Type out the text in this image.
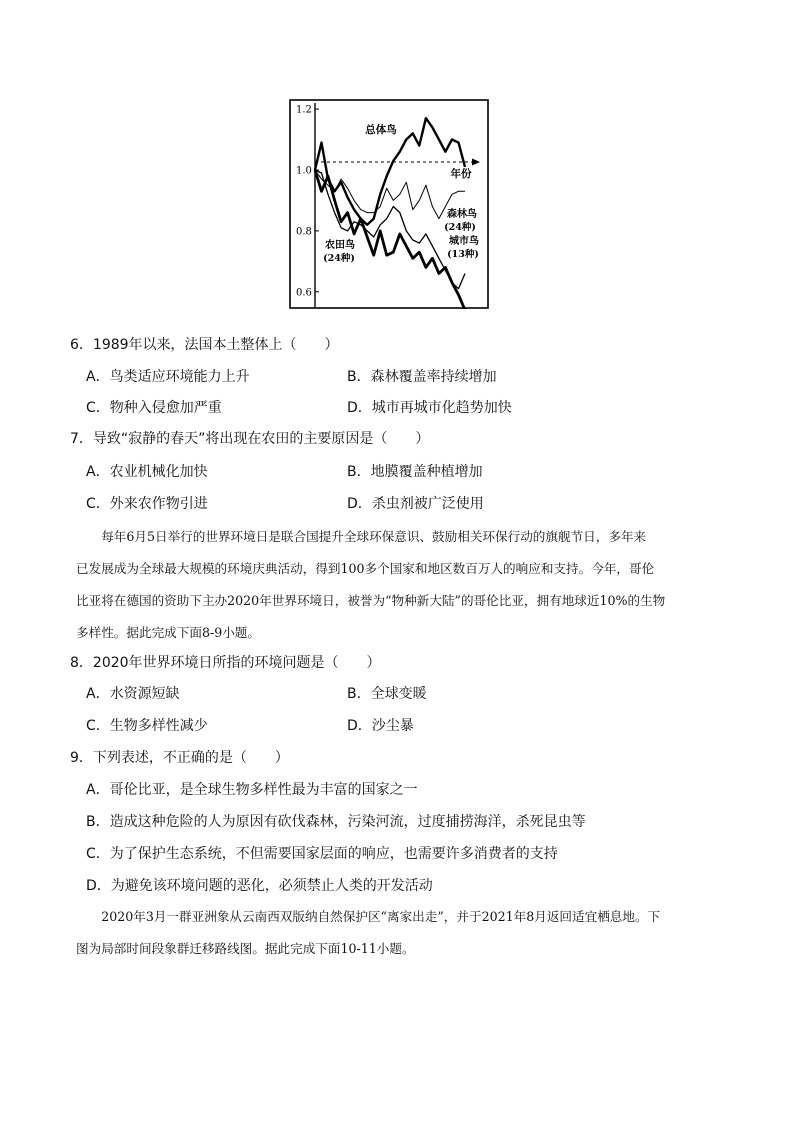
1.2
1.0
0.8
0.6
年份
总体鸟
森林鸟
(24种)
城市鸟
(13种)
农田鸟
(24种)
6．1989年以来，法国本土整体上（　　）
A．鸟类适应环境能力上升	B．森林覆盖率持续增加
C．物种入侵愈加严重	D．城市再城市化趋势加快
7．导致“寂静的春天”将出现在农田的主要原因是（　　）
A．农业机械化加快	B．地膜覆盖种植增加
C．外来农作物引进	D．杀虫剂被广泛使用
　　每年6月5日举行的世界环境日是联合国提升全球环保意识、鼓励相关环保行动的旗舰节日，多年来
已发展成为全球最大规模的环境庆典活动，得到100多个国家和地区数百万人的响应和支持。今年，哥伦
比亚将在德国的资助下主办2020年世界环境日，被誉为“物种新大陆”的哥伦比亚，拥有地球近10%的生物
多样性。据此完成下面8-9小题。
8．2020年世界环境日所指的环境问题是（　　）
A．水资源短缺	B．全球变暖
C．生物多样性减少	D．沙尘暴
9．下列表述，不正确的是（　　）
A．哥伦比亚，是全球生物多样性最为丰富的国家之一
B．造成这种危险的人为原因有砍伐森林，污染河流，过度捕捞海洋，杀死昆虫等
C．为了保护生态系统，不但需要国家层面的响应，也需要许多消费者的支持
D．为避免该环境问题的恶化，必须禁止人类的开发活动
　　2020年3月一群亚洲象从云南西双版纳自然保护区“离家出走”，并于2021年8月返回适宜栖息地。下
图为局部时间段象群迁移路线图。据此完成下面10-11小题。
